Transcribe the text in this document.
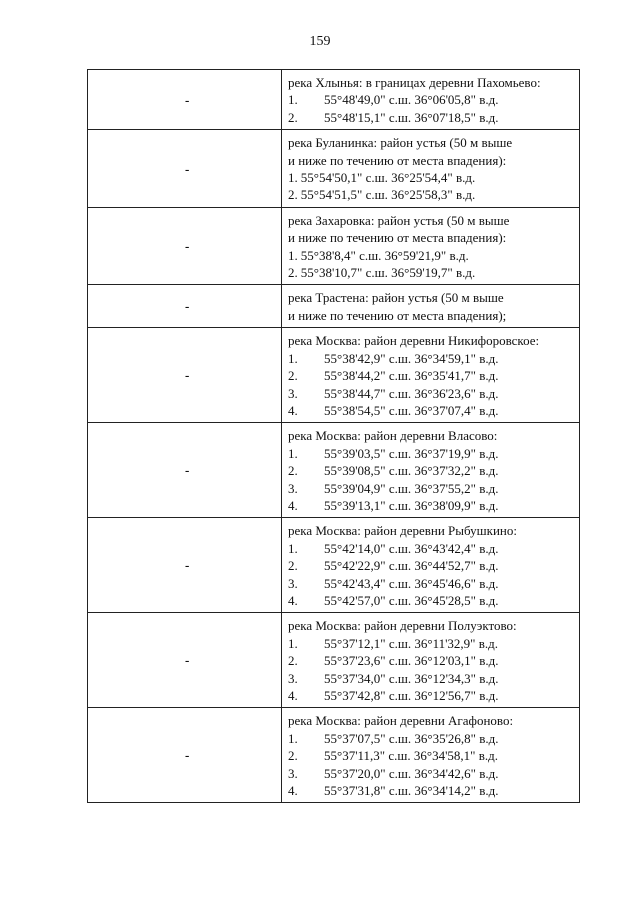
159
-	река Хлынья: в границах деревни Пахомьево:
1. 55°48'49,0" с.ш. 36°06'05,8" в.д.
2. 55°48'15,1" с.ш. 36°07'18,5" в.д.

-	река Буланинка: район устья (50 м выше
и ниже по течению от места впадения):
1. 55°54'50,1" с.ш. 36°25'54,4" в.д.
2. 55°54'51,5" с.ш. 36°25'58,3" в.д.

-	река Захаровка: район устья (50 м выше
и ниже по течению от места впадения):
1. 55°38'8,4" с.ш. 36°59'21,9" в.д.
2. 55°38'10,7" с.ш. 36°59'19,7" в.д.

-	река Трастена: район устья (50 м выше
и ниже по течению от места впадения);

-	река Москва: район деревни Никифоровское:
1. 55°38'42,9" с.ш. 36°34'59,1" в.д.
2. 55°38'44,2" с.ш. 36°35'41,7" в.д.
3. 55°38'44,7" с.ш. 36°36'23,6" в.д.
4. 55°38'54,5" с.ш. 36°37'07,4" в.д.

-	река Москва: район деревни Власово:
1. 55°39'03,5" с.ш. 36°37'19,9" в.д.
2. 55°39'08,5" с.ш. 36°37'32,2" в.д.
3. 55°39'04,9" с.ш. 36°37'55,2" в.д.
4. 55°39'13,1" с.ш. 36°38'09,9" в.д.

-	река Москва: район деревни Рыбушкино:
1. 55°42'14,0" с.ш. 36°43'42,4" в.д.
2. 55°42'22,9" с.ш. 36°44'52,7" в.д.
3. 55°42'43,4" с.ш. 36°45'46,6" в.д.
4. 55°42'57,0" с.ш. 36°45'28,5" в.д.

-	река Москва: район деревни Полуэктово:
1. 55°37'12,1" с.ш. 36°11'32,9" в.д.
2. 55°37'23,6" с.ш. 36°12'03,1" в.д.
3. 55°37'34,0" с.ш. 36°12'34,3" в.д.
4. 55°37'42,8" с.ш. 36°12'56,7" в.д.

-	река Москва: район деревни Агафоново:
1. 55°37'07,5" с.ш. 36°35'26,8" в.д.
2. 55°37'11,3" с.ш. 36°34'58,1" в.д.
3. 55°37'20,0" с.ш. 36°34'42,6" в.д.
4. 55°37'31,8" с.ш. 36°34'14,2" в.д.
